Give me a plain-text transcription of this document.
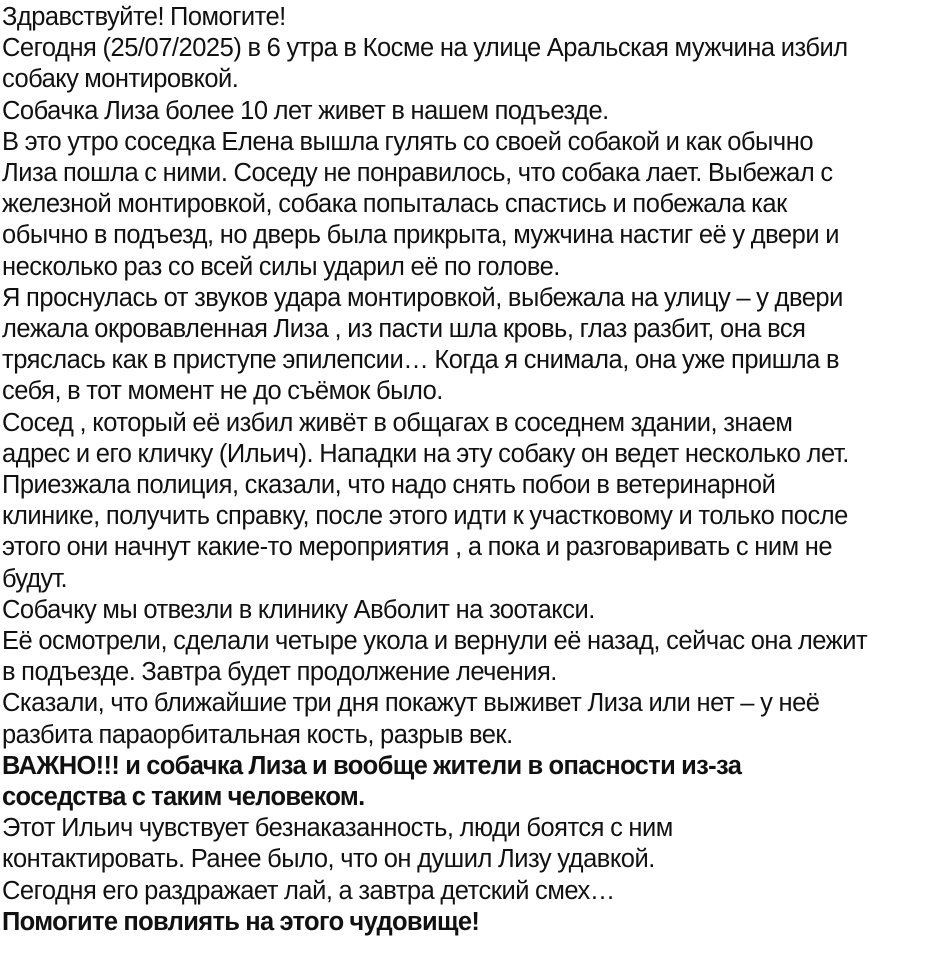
Здравствуйте! Помогите!
Сегодня (25/07/2025) в 6 утра в Косме на улице Аральская мужчина избил
собаку монтировкой.
Собачка Лиза более 10 лет живет в нашем подъезде.
В это утро соседка Елена вышла гулять со своей собакой и как обычно
Лиза пошла с ними. Соседу не понравилось, что собака лает. Выбежал с
железной монтировкой, собака попыталась спастись и побежала как
обычно в подъезд, но дверь была прикрыта, мужчина настиг её у двери и
несколько раз со всей силы ударил её по голове.
Я проснулась от звуков удара монтировкой, выбежала на улицу – у двери
лежала окровавленная Лиза , из пасти шла кровь, глаз разбит, она вся
тряслась как в приступе эпилепсии… Когда я снимала, она уже пришла в
себя, в тот момент не до съёмок было.
Сосед , который её избил живёт в общагах в соседнем здании, знаем
адрес и его кличку (Ильич). Нападки на эту собаку он ведет несколько лет.
Приезжала полиция, сказали, что надо снять побои в ветеринарной
клинике, получить справку, после этого идти к участковому и только после
этого они начнут какие-то мероприятия , а пока и разговаривать с ним не
будут.
Собачку мы отвезли в клинику Авболит на зоотакси.
Её осмотрели, сделали четыре укола и вернули её назад, сейчас она лежит
в подъезде. Завтра будет продолжение лечения.
Сказали, что ближайшие три дня покажут выживет Лиза или нет – у неё
разбита параорбитальная кость, разрыв век.
ВАЖНО!!! и собачка Лиза и вообще жители в опасности из-за
соседства с таким человеком.
Этот Ильич чувствует безнаказанность, люди боятся с ним
контактировать. Ранее было, что он душил Лизу удавкой.
Сегодня его раздражает лай, а завтра детский смех…
Помогите повлиять на этого чудовище!
